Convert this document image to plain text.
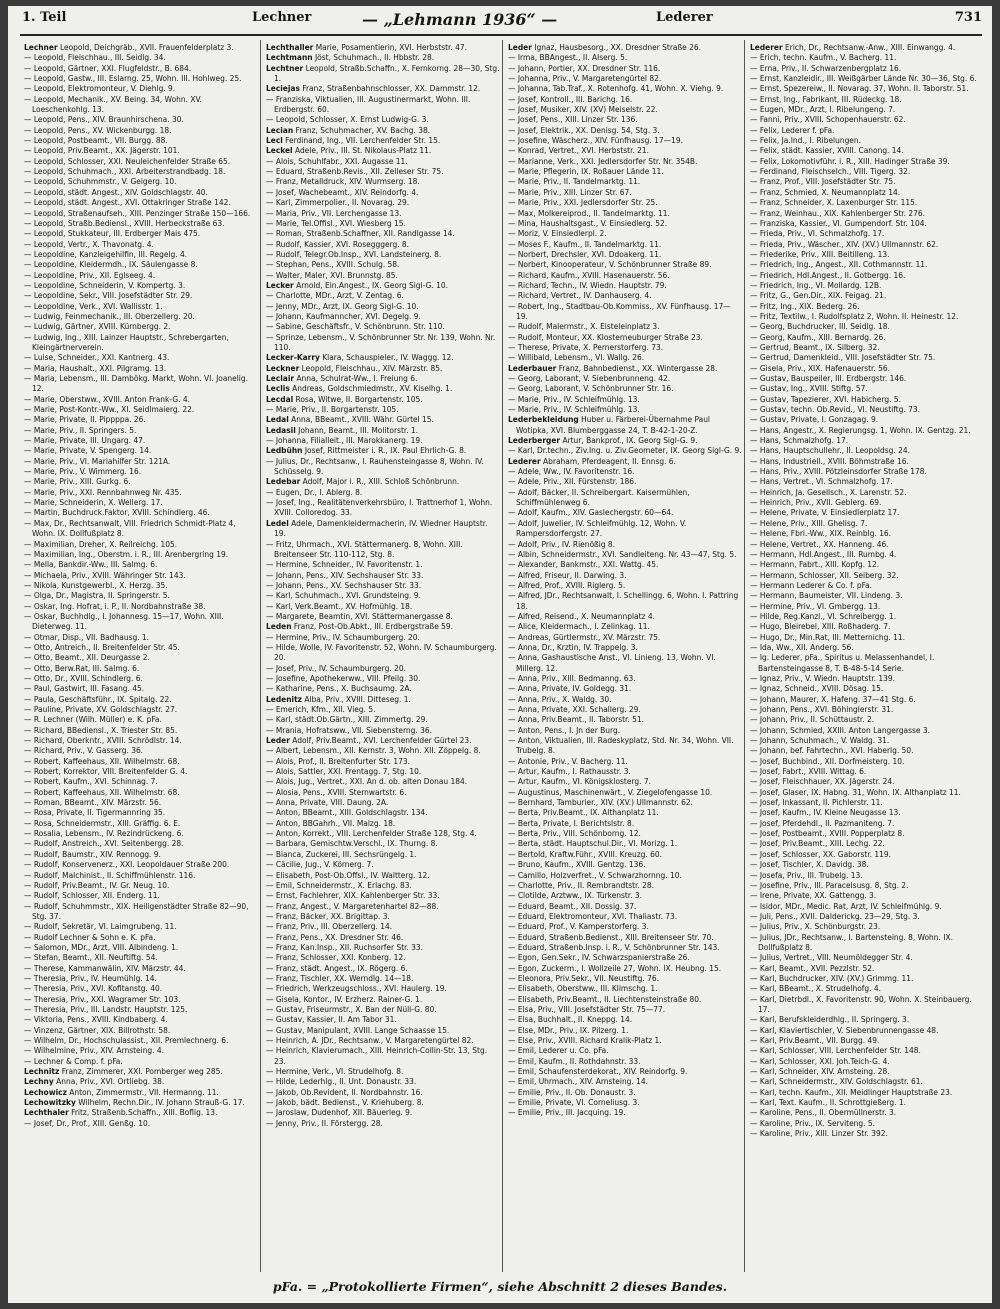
1. Teil	Lechner	— „Lehmann 1936“ —	Lederer	731

Lechner Leopold, Deichgräb., XVII. Frauenfelderplatz 3.

— Leopold, Fleischhau., III. Seidlg. 34.

— Leopold, Gärtner, XXI. Flugfeldstr., B. 684.

— Leopold, Gastw., III. Eslarng. 25, Wohn. III. Hohlweg. 25.

— Leopold, Elektromonteur, V. Diehlg. 9.

— Leopold, Mechanik., XV. Being. 34, Wohn. XV. Loeschenkohlg. 13.

— Leopold, Pens., XIV. Braunhirschena. 30.

— Leopold, Pens., XV. Wickenburgg. 18.

— Leopold, Postbeamt., VII. Burgg. 88.

— Leopold, Priv.Beamt., XX. Jägerstr. 101.

— Leopold, Schlosser, XXI. Neuleichenfelder Straße 65.

— Leopold, Schuhmach., XXI. Arbeiterstrandbadg. 18.

— Leopold, Schuhmmstr., V. Geigerg. 10.

— Leopold, städt. Angest., XIV. Goldschlagstr. 40.

— Leopold, städt. Angest., XVI. Ottakringer Straße 142.

— Leopold, Straßenaufseh., XIII. Penzinger Straße 150—166.

— Leopold, Straßb.Bediensl., XVIII. Herbeckstraße 63.

— Leopold, Stukkateur, III. Erdberger Mais 475.

— Leopold, Vertr., X. Thavonatg. 4.

— Leopoldine, Kanzleigehilfin, III. Regelg. 4.

— Leopoldine, Kleidermdh., IX. Säulengasse 8.

— Leopoldine, Priv., XII. Eglseeg. 4.

— Leopoldine, Schneiderin, V. Kompertg. 3.

— Leopoldine, Sekr., VIII. Josefstädter Str. 29.

— Leopoldine, Verk., XVI. Wallisstr. 1.

— Ludwig, Feinmechanik., III. Oberzellerg. 20.

— Ludwig, Gärtner, XVIII. Kürnbergg. 2.

— Ludwig, Ing., XIII. Lainzer Hauptstr., Schrebergarten, Kleingärtnerverein.

— Luise, Schneider., XXI. Kantnerg. 43.

— Maria, Haushalt., XXI. Pilgramg. 13.

— Maria, Lebensm., III. Dambökg. Markt, Wohn. VI. Joanelig. 12.

— Marie, Oberstww., XVIII. Anton Frank-G. 4.

— Marie, Post-Kontr.-Ww., XI. Seidlmaierg. 22.

— Marie, Private, II. Pippppa. 26.

— Marie, Priv., II. Springers. 5.

— Marie, Private, III. Ungarg. 47.

— Marie, Private, V. Spengerg. 14.

— Marie, Priv., VI. Mariahilfer Str. 121A.

— Marie, Priv., V. Wimmerg. 16.

— Marie, Priv., XIII. Gurkg. 6.

— Marie, Priv., XXI. Rennbahnweg Nr. 435.

— Marie, Schneiderin, X. Wellerg. 17.

— Martin, Buchdruck.Faktor, XVIII. Schindlerg. 46.

— Max, Dr., Rechtsanwalt, VIII. Friedrich Schmidt-Platz 4, Wohn. IX. Dollfußplatz 8.

— Maximilian, Dreher, X. Reilreichg. 105.

— Maximilian, Ing., Oberstm. i. R., III. Arenbergring 19.

— Mella, Bankdir.-Ww., III. Salmg. 6.

— Michaela, Priv., XVIII. Währinger Str. 143.

— Nikola, Kunstgewerbl., X. Herzg. 35.

— Olga, Dr., Magistra, II. Springerstr. 5.

— Oskar, Ing. Hofrat, i. P., II. Nordbahnstraße 38.

— Oskar, Buchhdlg., I. Johannesg. 15—17, Wohn. XIII. Dieterweg. 11.

— Otmar, Disp., VII. Badhausg. 1.

— Otto, Antreich., II. Breitenfelder Str. 45.

— Otto, Beamt., XII. Deurgasse 2.

— Otto, Berw.Rat, III. Salmg. 6.

— Otto, Dr., XVIII. Schindlerg. 6.

— Paul, Gastwirt, III. Fasang. 45.

— Paula, Geschäftsführ., IX. Spitalg. 22.

— Pauline, Private, XV. Goldschlagstr. 27.

— R. Lechner (Wilh. Müller) e. K. pFa.

— Richard, BBediensl., X. Triester Str. 85.

— Richard, Oberkntr., XVIII. Schrödlstr. 14.

— Richard, Priv., V. Gasserg. 36.

— Robert, Kaffeehaus, XII. Wilhelmstr. 68.

— Robert, Korrektor, VIII. Breitenfelder G. 4.

— Robert, Kaufm., XVI. Schinnag. 7.

— Robert, Kaffeehaus, XII. Wilhelmstr. 68.

— Roman, BBeamt., XIV. Märzstr. 56.

— Rosa, Private, II. Tigermannring 35.

— Rosa, Schneidermstr., XIII. Gräffig. 6. E.

— Rosalia, Lebensm., IV. Rezindrückeng. 6.

— Rudolf, Anstreich., XVI. Seitenbergg. 28.

— Rudolf, Baumstr., XIV. Rennogg. 9.

— Rudolf, Konservenerz., XXI. Leopoldauer Straße 200.

— Rudolf, Malchinist., II. Schiffmühlenstr. 116.

— Rudolf, Priv.Beamt., IV. Gr. Neug. 10.

— Rudolf, Schlosser, XII. Enderg. 11.

— Rudolf, Schuhmmstr., XIX. Heiligenstädter Straße 82—90, Stg. 37.

— Rudolf, Sekretär, VI. Laimgrubeng. 11.

— Rudolf Lechner & Sohn e. K. pFa.

— Salomon, MDr., Arzt, VIII. Albindeng. 1.

— Stefan, Beamt., XII. Neuftiftg. 54.

— Therese, Kammanwälin, XIV. Märzstr. 44.

— Theresia, Priv., IV. Heumühlg. 14.

— Theresia, Priv., XVI. Kofitanstg. 40.

— Theresia, Priv., XXI. Wagramer Str. 103.

— Theresia, Priv., III. Landstr. Hauptstr. 125.

— Viktoria, Pens., XVIII. Kindbaberg. 4.

— Vinzenz, Gärtner, XIX. Billrothstr. 58.

— Wilhelm, Dr., Hochschulassist., XII. Premlechnerg. 6.

— Wilhelmine, Priv., XIV. Arnsteing. 4.

— Lechner & Comp. f. pFa.

Lechnitz Franz, Zimmerer, XXI. Pomberger weg 285.

Lechny Anna, Priv., XVI. Ortliebg. 38.

Lechowicz Anton, Zimmermstr., VII. Hermanng. 11.

Lechowitzky Wilhelm, Rechn.Dir., IV. Johann Strauß-G. 17.

Lechthaler Fritz, Straßenb.Schaffn., XIII. Boflig. 13.

— Josef, Dr., Prof., XIII. Genßg. 10.

Lechthaller Marie, Posamentierin, XVI. Herbststr. 47.

Lechtmann Jöst, Schuhmach., II. Hbbstr. 28.

Lechtner Leopold, Straßb.Schaffn., X. Fernkorng. 28—30, Stg. 1.

Leciejas Franz, Straßenbahnschlosser, XX. Dammstr. 12.

— Franziska, Viktualien, III. Augustinermarkt, Wohn. III. Erdbergstr. 60.

— Leopold, Schlosser, X. Ernst Ludwig-G. 3.

Lecian Franz, Schuhmacher, XV. Bachg. 38.

Lecl Ferdinand, Ing., VII. Lerchenfelder Str. 15.

Leckel Adele, Priv., III. St. Nikolaus-Platz 11.

— Alois, Schuhlfabr., XXI. Augasse 11.

— Eduard, Straßenb.Revis., XII. Zelleser Str. 75.

— Franz, Metalldruck, XIV. Wurmserg. 18.

— Josef, Wachebeamt., XIV. Reindorfg. 4.

— Karl, Zimmerpolier., II. Novarag. 29.

— Maria, Priv., VII. Lerchengasse 13.

— Marie, Tel.Offisl., XVI. Wiesberg 15.

— Roman, Straßenb.Schaffner, XII. Randlgasse 14.

— Rudolf, Kassier, XVI. Rosegggerg. 8.

— Rudolf, Telegr.Ob.Insp., XVI. Landsteinerg. 8.

— Stephan, Pens., XVIII. Schulg. 58.

— Walter, Maler, XVI. Brunnstg. 85.

Lecker Arnold, Ein.Angest., IX. Georg Sigl-G. 10.

— Charlotte, MDr., Arzt, V. Zentag. 6.

— Jenny, MDr., Arzt, IX. Georg Sigl-G. 10.

— Johann, Kaufmanncher, XVI. Degelg. 9.

— Sabine, Geschäftsfr., V. Schönbrunn. Str. 110.

— Sprinze, Lebensm., V. Schönbrunner Str. Nr. 139, Wohn. Nr. 110.

Lecker-Karry Klara, Schauspieler., IV. Waggg. 12.

Leckner Leopold, Fleischhau., XIV. Märzstr. 85.

Leclair Anna, Schulrat-Ww., I. Freiung 6.

Leclis Andreas, Goldschmiedmstr., XV. Kiselhg. 1.

Lecdal Rosa, Witwe, II. Borgartenstr. 105.

— Marie, Priv., II. Borgartenstr. 105.

Ledal Anna, BBeamt., XVIII. Währ. Gürtel 15.

Ledasil Johann, Beamt., III. Molitorstr. 1.

— Johanna, Filialleit., III. Marokkanerg. 19.

Ledbühn Josef, Rittmeister i. R., IX. Paul Ehrlich-G. 8.

— Julius, Dr., Rechtsanw., I. Rauhensteingasse 8, Wohn. IV. Schüsselg. 9.

Ledebar Adolf, Major i. R., XIII. Schloß Schönbrunn.

— Eugen, Dr., I. Ablerg. 8.

— Josef, Ing., Realitätenverkehrsbüro, I. Trattnerhof 1, Wohn. XVIII. Colloredog. 33.

Ledel Adele, Damenkleidermacherin, IV. Wiedner Hauptstr. 19.

— Fritz, Uhrmach., XVI. Stättermanerg. 8, Wohn. XIII. Breitenseer Str. 110-112, Stg. 8.

— Hermine, Schneider., IV. Favoritenstr. 1.

— Johann, Pens., XIV. Sechshauser Str. 33.

— Johann, Pens., XV. Sechshauser Str. 33.

— Karl, Schuhmach., XVI. Grundsteing. 9.

— Karl, Verk.Beamt., XV. Hofmühlg. 18.

— Margarete, Beamtin, XVI. Stättermanergasse 8.

Leden Franz, Post-Ob.Abkt., III. Erdbergstraße 59.

— Hermine, Priv., IV. Schaumburgerg. 20.

— Hilde, Wolle, IV. Favoritenstr. 52, Wohn. IV. Schaumburgerg. 20.

— Josef, Priv., IV. Schaumburgerg. 20.

— Josefine, Apothekerww., VIII. Pfeilg. 30.

— Katharine, Pens., X. Buchsaumg. 2A.

Ledenitz Alba, Priv., XVIII. Ditteseg. 1.

— Emerich, Kfm., XII. Vieg. 5.

— Karl, städt.Ob.Gärtn., XIII. Zimmertg. 29.

— Mrania, Hofratsww., VII. Siebensterng. 36.

Leder Adolf, Priv.Beamt., XVI. Lerchenfelder Gürtel 23.

— Albert, Lebensm., XII. Kernstr. 3, Wohn. XII. Zöppelg. 8.

— Alois, Prof., II. Breitenfurter Str. 173.

— Alois, Sattler, XXI. Frentagg. 7, Stg. 10.

— Alois, Jug., Vertret., XXI. An d. ob. alten Donau 184.

— Alosia, Pens., XVIII. Sternwartstr. 6.

— Anna, Private, VIII. Daung. 2A.

— Anton, BBeamt., XIII. Goldschlagstr. 134.

— Anton, BBGahrh., VII. Malzg. 18.

— Anton, Korrekt., VIII. Lerchenfelder Straße 128, Stg. 4.

— Barbara, Gemischtw.Verschl., IX. Thurng. 8.

— Bianca, Zuckerei, III. Sechsrüngelg. 1.

— Cäcilie, Jug., V. Körnerg. 7.

— Elisabeth, Post-Ob.Offsl., IV. Waltterg. 12.

— Emil, Schneidermstr., X. Erlachg. 83.

— Ernst, Fachlehrer, XIX. Kahlenberger Str. 33.

— Franz, Angest., V. Margaretenhartel 82—88.

— Franz, Bäcker, XX. Brigittap. 3.

— Franz, Priv., III. Oberzellerg. 14.

— Franz, Pens., XX. Dresdner Str. 46.

— Franz, Kan.Insp., XII. Ruchsorfer Str. 33.

— Franz, Schlosser, XXI. Konberg. 12.

— Franz, städt. Angest., IX. Rögerg. 6.

— Franz, Tischler, XX. Werndlg. 14—18.

— Friedrich, Werkzeugschloss., XVI. Haulerg. 19.

— Gisela, Kontor., IV. Erzherz. Rainer-G. 1.

— Gustav, Friseurmstr., X. Ban der Nüll-G. 80.

— Gustav, Kassier, II. Am Tabor 31.

— Gustav, Manipulant, XVIII. Lange Schaasse 15.

— Heinrich, A. JDr., Rechtsanw., V. Margaretengürtel 82.

— Heinrich, Klavierumach., XIII. Heinrich-Collin-Str. 13, Stg. 23.

— Hermine, Verk., VI. Strudelhofg. 8.

— Hilde, Lederhlg., II. Unt. Donaustr. 33.

— Jakob, Ob.Revident, II. Nordbahnstr. 16.

— Jakob, bädt. Bedienst., V. Kriehuberg. 8.

— Jaroslaw, Dudenhof, XII. Bäuerleg. 9.

— Jenny, Priv., II. Förstergg. 28.

Leder Ignaz, Hausbesorg., XX. Dresdner Straße 26.

— Irma, BBAngest., II. Alserg. 5.

— Johann, Portier, XX. Dresdner Str. 116.

— Johanna, Priv., V. Margaretengürtel 82.

— Johanna, Tab.Traf., X. Rotenhofg. 41, Wohn. X. Viehg. 9.

— Josef, Kontroll., III. Barichg. 16.

— Josef, Musiker, XIV. (XV) Meiselstr. 22.

— Josef, Pens., XIII. Linzer Str. 136.

— Josef, Elektrik., XX. Denisg. 54, Stg. 3.

— Josefine, Wäscherz., XIV. Fünfhausg. 17—19.

— Konrad, Vertret., XVI. Herbststr. 21.

— Marianne, Verk., XXI. Jedlersdorfer Str. Nr. 354B.

— Marie, Pflegerin, IX. Roßauer Lände 11.

— Marie, Priv., II. Tandelmarktg. 11.

— Marie, Priv., XIII. Linzer Str. 67.

— Marie, Priv., XXI. Jedlersdorfer Str. 25.

— Max, Molkereiprod., II. Tandelmarktg. 11.

— Mina, Haushaltsgast., V. Einsiedlerg. 52.

— Moriz, V. Einsiedlerpl. 2.

— Moses F., Kaufm., II. Tandelmarktg. 11.

— Norbert, Drechsler, XVI. Ddoakerg. 11.

— Norbert, Kinooperateur, V. Schönbrunner Straße 89.

— Richard, Kaufm., XVIII. Hasenauerstr. 56.

— Richard, Techn., IV. Wiedn. Hauptstr. 79.

— Richard, Vertret., IV. Danhauserg. 4.

— Robert, Ing., Stadtbau-Ob.Kommiss., XV. Fünfhausg. 17—19.

— Rudolf, Malermstr., X. Eisteleinplatz 3.

— Rudolf, Monteur, XX. Klosterneuburger Straße 23.

— Therese, Private, X. Pernerstorferg. 73.

— Willibald, Lebensm., VI. Wallg. 26.

Lederbauer Franz, Bahnbedienst., XX. Wintergasse 28.

— Georg, Laborant, V. Siebenbrunneng. 42.

— Georg, Laborant, V. Schönbrunner Str. 16.

— Marie, Priv., IV. Schleifmühlg. 13.

— Marie, Priv., IV. Schleifmühlg. 13.

Lederbekleidung Huber u. Färberei-Übernahme Paul Wotipka, XVI. Blumberggasse 24, T. B-42-1-20-Z.

Lederberger Artur, Bankprof., IX. Georg Sigl-G. 9.

— Karl, Dr.techn., Ziv.Ing. u. Ziv.Geometer, IX. Georg Sigl-G. 9.

Lederer Abraham, Pferdeagent, II. Ennsg. 6.

— Adele, Ww., IV. Favoritenstr. 16.

— Adele, Priv., XII. Fürstenstr. 186.

— Adolf, Bäcker, II. Schreibergart. Kaisermühlen, Schiffmühlenweg 6.

— Adolf, Kaufm., XIV. Gaslechergstr. 60—64.

— Adolf, Juwelier, IV. Schleifmühlg. 12, Wohn. V. Rampersdorfergstr. 27.

— Adolf, Priv., IV. Rienößig 8.

— Albin, Schneidermstr., XVI. Sandleiteng. Nr. 43—47, Stg. 5.

— Alexander, Bankmstr., XXI. Wattg. 45.

— Alfred, Friseur, II. Darwing. 3.

— Alfred, Prof., XVIII. Riglerg. 5.

— Alfred, JDr., Rechtsanwalt, I. Schellingg. 6, Wohn. I. Pattring 18.

— Alfred, Reisend., X. Neumannplatz 4.

— Alice, Kleidermach., I. Zelinkag. 11.

— Andreas, Gürtlermstr., XV. Märzstr. 75.

— Anna, Dr., Krztin, IV. Trappelg. 3.

— Anna, Gashaustische Anst., VI. Linieng. 13, Wohn. VI. Millerg. 12.

— Anna, Priv., XIII. Bedmanng. 63.

— Anna, Private, IV. Goldegg. 31.

— Anna, Priv., X. Waldg. 30.

— Anna, Private, XXI. Schallerg. 29.

— Anna, Priv.Beamt., II. Taborstr. 51.

— Anton, Pens., I. Jn der Burg.

— Anton, Viktualien, III. Radeskyplatz, Std. Nr. 34, Wohn. VII. Trubelg. 8.

— Antonie, Priv., V. Bacherg. 11.

— Artur, Kaufm., I. Rathausstr. 3.

— Artur, Kaufm., VI. Königsklosterg. 7.

— Augustinus, Maschinenwärt., V. Ziegelofengasse 10.

— Bernhard, Tamburier., XIV. (XV.) Ullmannstr. 62.

— Berta, Priv.Beamt., IX. Althanplatz 11.

— Berta, Private, I. Berichtslstr. 8.

— Berta, Priv., VIII. Schönborng. 12.

— Berta, städt. Hauptschul.Dir., VI. Morizg. 1.

— Bertold, Kraftw.Führ., XVIII. Kreuzg. 60.

— Bruno, Kaufm., XVIII. Gentzg. 136.

— Camillo, Holzverfret., V. Schwarzhornng. 10.

— Charlotte, Priv., II. Rembrandtstr. 28.

— Clotilde, Arztww., IX. Türkenstr. 3.

— Eduard, Beamt., XII. Dossig. 37.

— Eduard, Elektromonteur, XVI. Thaliastr. 73.

— Eduard, Prof., V. Kamperstorferg. 3.

— Eduard, Straßenb.Bedienst., XIII. Breitenseer Str. 70.

— Eduard, Straßenb.Insp. i. R., V. Schönbrunner Str. 143.

— Egon, Gen.Sekr., IV. Schwarzspanierstraße 26.

— Egon, Zuckerm., I. Wollzeile 27, Wohn. IX. Heubng. 15.

— Eleonora, Priv.Sekr., VII. Neustiftg. 76.

— Elisabeth, Oberstww., III. Klimschg. 1.

— Elisabeth, Priv.Beamt., II. Liechtensteinstraße 80.

— Elsa, Priv., VIII. Josefstädter Str. 75—77.

— Elsa, Buchhalt., II. Kneppg. 14.

— Else, MDr., Priv., IX. Pilzerg. 1.

— Else, Priv., XVIII. Richard Kralik-Platz 1.

— Emil, Lederer u. Co. pFa.

— Emil, Kaufm., II. Rothdahnstr. 33.

— Emil, Schaufensterdekorat., XIV. Reindorfg. 9.

— Emil, Uhrmach., XIV. Arnsteing. 14.

— Emilie, Priv., II. Ob. Donaustr. 3.

— Emilie, Private, VI. Corneliusg. 3.

— Emilie, Priv., III. Jacquing. 19.

Lederer Erich, Dr., Rechtsanw.-Anw., XIII. Einwangg. 4.

— Erich, techn. Kaufm., V. Bacherg. 11.

— Erna, Priv., II. Schwarzenbergplatz 16.

— Ernst, Kanzleidir., III. Weißgärber Lände Nr. 30—36, Stg. 6.

— Ernst, Spezereiw., II. Novarag. 37, Wohn. II. Taborstr. 51.

— Ernst, Ing., Fabrikant, III. Rüdeckg. 18.

— Eugen, MDr., Arzt, I. Ribelungeng. 7.

— Fanni, Priv., XVIII. Schopenhauerstr. 62.

— Felix, Lederer f. pFa.

— Felix, Ja.Ind., I. Ribelungen.

— Felix, städt. Kassier, XVIII. Canong. 14.

— Felix, Lokomotivführ. i. R., XIII. Hadinger Straße 39.

— Ferdinand, Fleischselch., VIII. Tigerg. 32.

— Franz, Prof., VIII. Josefstädter Str. 75.

— Franz, Schmied, X. Neumannplatz 14.

— Franz, Schneider, X. Laxenburger Str. 115.

— Franz, Weinhau., XIX. Kahlenberger Str. 276.

— Franziska, Kassier., VI. Gumpendorf. Str. 104.

— Frieda, Priv., VI. Schmalzhofg. 17.

— Frieda, Priv., Wäscher., XIV. (XV.) Ullmannstr. 62.

— Friederike, Priv., XIII. Beitilleng. 13.

— Friedrich, Ing., Angest., XII. Cothmannstr. 11.

— Friedrich, Hdl.Angest., II. Gotbergg. 16.

— Friedrich, Ing., VI. Mollardg. 12B.

— Fritz, G., Gen.Dir., XIX. Feigag. 21.

— Fritz, Ing., XIX. Bederg. 26.

— Fritz, Textilw., I. Rudolfsplatz 2, Wohn. II. Heinestr. 12.

— Georg, Buchdrucker, III. Seidlg. 18.

— Georg, Kaufm., XIII. Bernardg. 26.

— Gertrud, Beamt., IX. Silberg. 32.

— Gertrud, Damenkleid., VIII. Josefstädter Str. 75.

— Gisela, Priv., XIX. Hafenauerstr. 56.

— Gustav, Bauspeiler, III. Erdbergstr. 146.

— Gustav, Ing., XVIII. Stiftg. 57.

— Gustav, Tapezierer, XVI. Habicherg. 5.

— Gustav, techn. Ob.Revid., VI. Neustiftg. 73.

— Gustav, Private, I. Gonzagag. 9.

— Hans, Angestr., X. Regierungsg. 1, Wohn. IX. Gentzg. 21.

— Hans, Schmalzhofg. 17.

— Hans, Hauptschullehr., II. Leopoldsg. 24.

— Hans, Industriell., XVIII. Böhmstraße 16.

— Hans, Priv., XVIII. Pötzleinsdorfer Straße 178.

— Hans, Vertret., VI. Schmalzhofg. 17.

— Heinrich, Ja. Gesellsch., X. Larenstr. 52.

— Heinrich, Priv., XVII. Geblerg. 69.

— Helene, Private, V. Einsiedlerplatz 17.

— Helene, Priv., XIII. Ghelisg. 7.

— Helene, Fbri.-Ww., XIX. Reinblg. 16.

— Helene, Vertret., XX. Hanneng. 46.

— Hermann, Hdl.Angest., III. Rumbg. 4.

— Hermann, Fabrt., XIII. Kopfg. 12.

— Hermann, Schlosser, XII. Seiberg. 32.

— Hermann Lederer & Co. f. pFa.

— Hermann, Baumeister, VII. Lindeng. 3.

— Hermine, Priv., VI. Gmbergg. 13.

— Hilde, Reg.Kanzl., VI. Schreibergg. 1.

— Hugo, Bleirebel, XIII. Roßhaderg. 7.

— Hugo, Dr., Min.Rat, III. Metternichg. 11.

— Ida, Ww., XII. Anderg. 56.

— Ig. Lederer, pFa., Spiritus u. Melassenhandel, I. Bartensteingasse 8, T. B-48-5-14 Serie.

— Ignaz, Priv., V. Wiedn. Hauptstr. 139.

— Ignaz, Schneid., XVIII. Dösag. 15.

— Johann, Maurer, X. Hafeng. 37—41 Stg. 6.

— Johann, Pens., XVI. Böhinglerstr. 31.

— Johann, Priv., II. Schüttaustr. 2.

— Johann, Schmied, XXIII. Anton Langergasse 3.

— Johann, Schuhmach., V. Waldg. 31.

— Johann, bef. Fahrtechn., XVI. Haberlg. 50.

— Josef, Buchbind., XII. Dorfmeisterg. 10.

— Josef, Fabrt., XVIII. Wittag. 6.

— Josef, Fleischhauer, XX. Jägerstr. 24.

— Josef, Glaser, IX. Habng. 31, Wohn. IX. Althanplatz 11.

— Josef, Inkassant, II. Pichlerstr. 11.

— Josef, Kaufm., IV. Kleine Neugasse 13.

— Josef, Pferdehdl., II. Pazmaniteng. 7.

— Josef, Postbeamt., XVIII. Popperplatz 8.

— Josef, Priv.Beamt., XIII. Lechg. 22.

— Josef, Schlosser, XX. Gaborstr. 119.

— Josef, Tischler, X. Davidg. 38.

— Josefa, Priv., III. Trubelg. 13.

— Josefine, Priv., III. Paracelsusg. 8, Stg. 2.

— Irene, Private, XX. Gattengg. 3.

— Isidor, MDr., Medic. Rat, Arzt, IV. Schleifmühlg. 9.

— Juli, Pens., XVII. Dalderickg. 23—29, Stg. 3.

— Julius, Priv., X. Schönburgstr. 23.

— Julius, JDr., Rechtsanw., I. Bartensteing. 8, Wohn. IX. Dollfußplatz 8.

— Julius, Vertret., VIII. Neumöldegger Str. 4.

— Karl, Beamt., XVII. Pezzlstr. 52.

— Karl, Buchdrucker, XIV. (XV.) Grimmg. 11.

— Karl, BBeamt., X. Strudelhofg. 4.

— Karl, Dietrbdl., X. Favoritenstr. 90, Wohn. X. Steinbauerg. 17.

— Karl, Berufskleiderdhlg., II. Springerg. 3.

— Karl, Klaviertischler, V. Siebenbrunnengasse 48.

— Karl, Priv.Beamt., VII. Burgg. 49.

— Karl, Schlosser, VIII. Lerchenfelder Str. 148.

— Karl, Schlosser, XXI. Joh.Teich-G. 4.

— Karl, Schneider, XIV. Arnsteing. 28.

— Karl, Schneidermstr., XIV. Goldschlagstr. 61.

— Karl, techn. Kaufm., XII. Meidlinger Hauptstraße 23.

— Karl, Text. Kaufm., II. Schrottgießerg. 1.

— Karoline, Pens., II. Obermüllnerstr. 3.

— Karoline, Priv., IX. Serviteng. 5.

— Karoline, Priv., XIII. Linzer Str. 392.

pFa. = „Protokollierte Firmen“, siehe Abschnitt 2 dieses Bandes.
